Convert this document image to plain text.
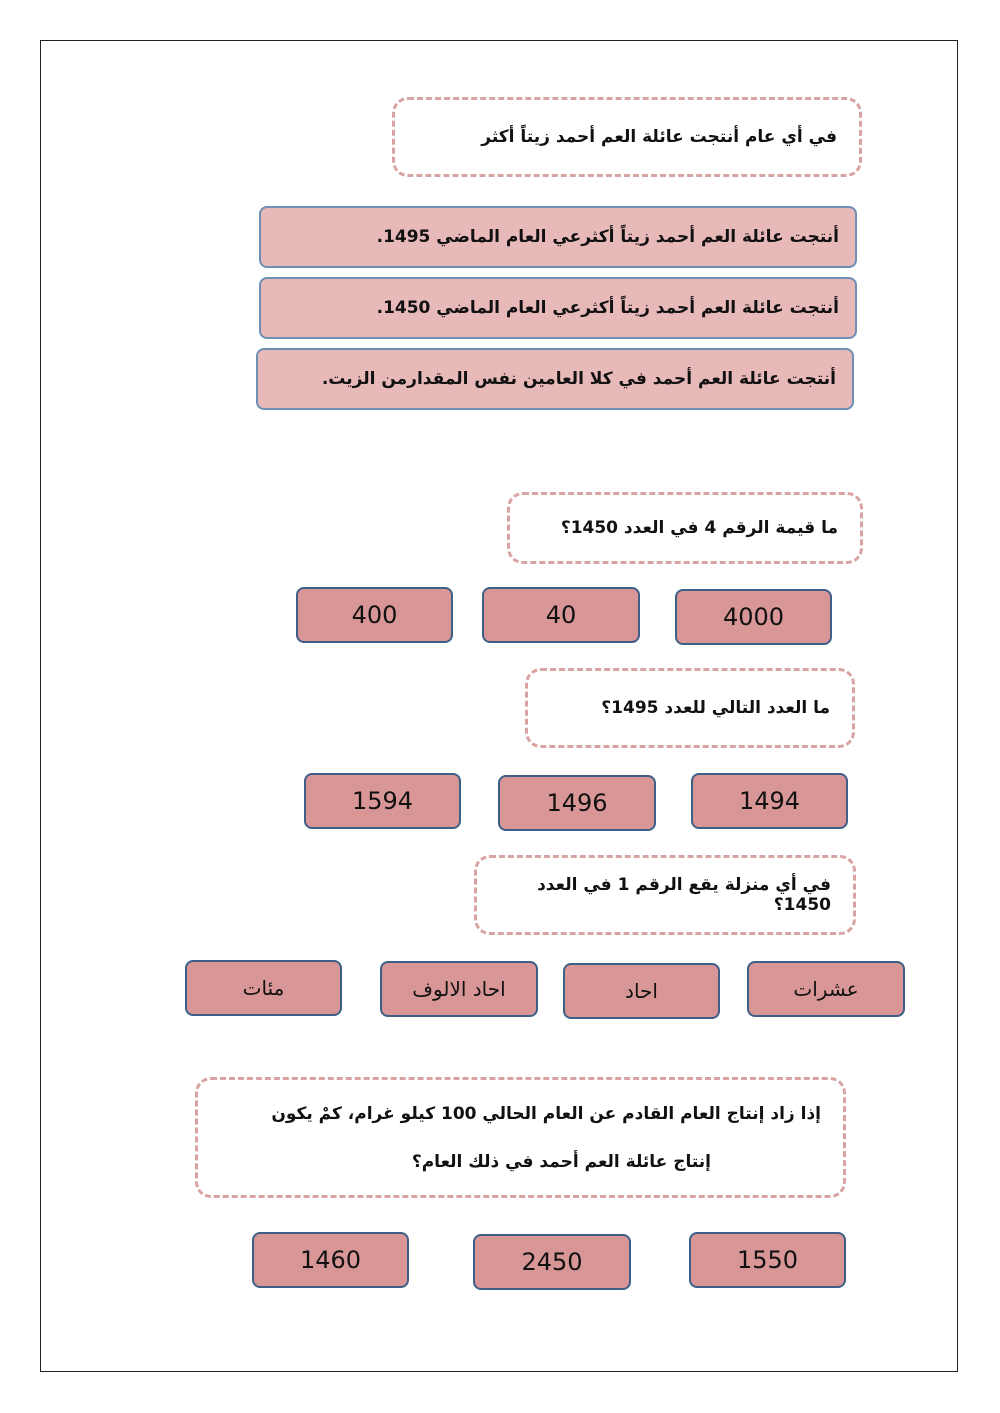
في أي عام أنتجت عائلة العم أحمد زيتاً أكثر
أنتجت عائلة العم أحمد زيتاً أكثرعي العام الماضي 1495.
أنتجت عائلة العم أحمد زيتاً أكثرعي العام الماضي 1450.
أنتجت عائلة العم أحمد في كلا العامين نفس المقدارمن الزيت.
ما قيمة الرقم 4 في العدد 1450؟
4000
40
400
ما العدد التالي للعدد 1495؟
1494
1496
1594
في أي منزلة يقع الرقم 1 في العدد 1450؟
عشرات
احاد
احاد الالوف
مئات
إذا زاد إنتاج العام القادم عن العام الحالي 100 كيلو غرام، كمْ يكون
إنتاج عائلة العم أحمد في ذلك العام؟
1550
2450
1460
